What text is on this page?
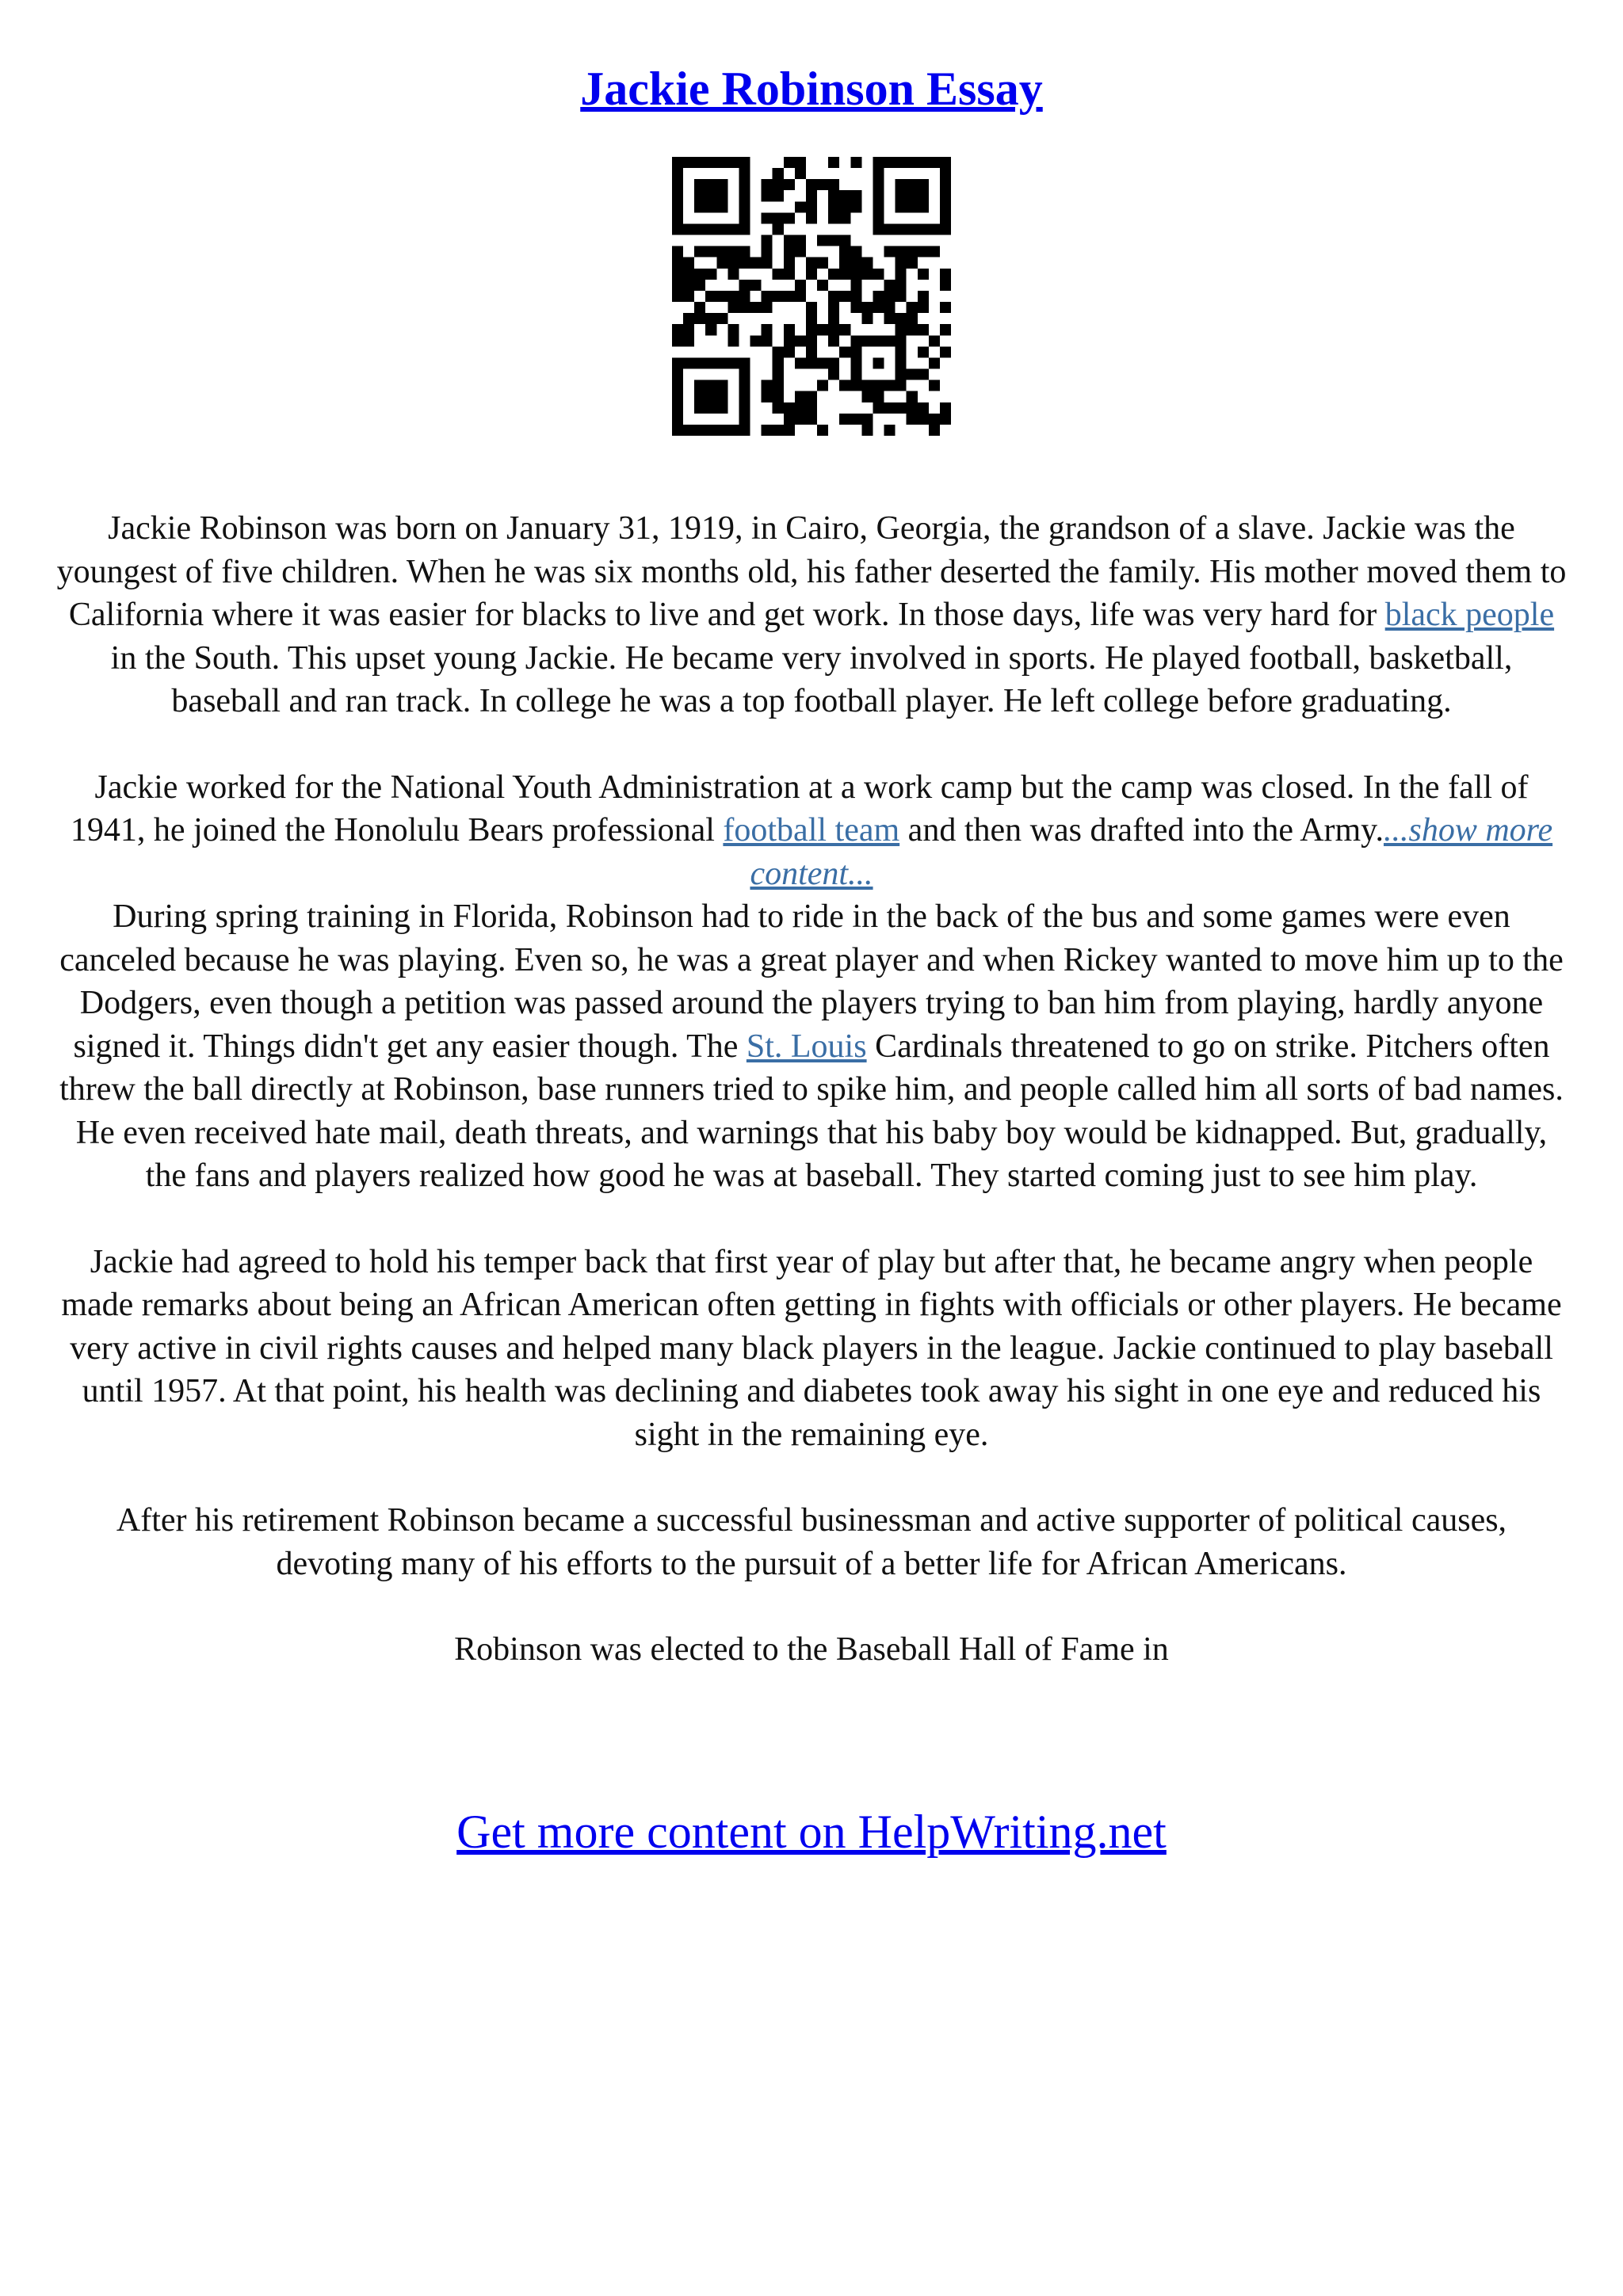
Jackie Robinson Essay

Jackie Robinson was born on January 31, 1919, in Cairo, Georgia, the grandson of a slave. Jackie was the youngest of five children. When he was six months old, his father deserted the family. His mother moved them to California where it was easier for blacks to live and get work. In those days, life was very hard for black people in the South. This upset young Jackie. He became very involved in sports. He played football, basketball, baseball and ran track. In college he was a top football player. He left college before graduating.

Jackie worked for the National Youth Administration at a work camp but the camp was closed. In the fall of 1941, he joined the Honolulu Bears professional football team and then was drafted into the Army....show more content...

During spring training in Florida, Robinson had to ride in the back of the bus and some games were even canceled because he was playing. Even so, he was a great player and when Rickey wanted to move him up to the Dodgers, even though a petition was passed around the players trying to ban him from playing, hardly anyone signed it. Things didn't get any easier though. The St. Louis Cardinals threatened to go on strike. Pitchers often threw the ball directly at Robinson, base runners tried to spike him, and people called him all sorts of bad names. He even received hate mail, death threats, and warnings that his baby boy would be kidnapped. But, gradually, the fans and players realized how good he was at baseball. They started coming just to see him play.

Jackie had agreed to hold his temper back that first year of play but after that, he became angry when people made remarks about being an African American often getting in fights with officials or other players. He became very active in civil rights causes and helped many black players in the league. Jackie continued to play baseball until 1957. At that point, his health was declining and diabetes took away his sight in one eye and reduced his sight in the remaining eye.

After his retirement Robinson became a successful businessman and active supporter of political causes, devoting many of his efforts to the pursuit of a better life for African Americans.

Robinson was elected to the Baseball Hall of Fame in

Get more content on HelpWriting.net
